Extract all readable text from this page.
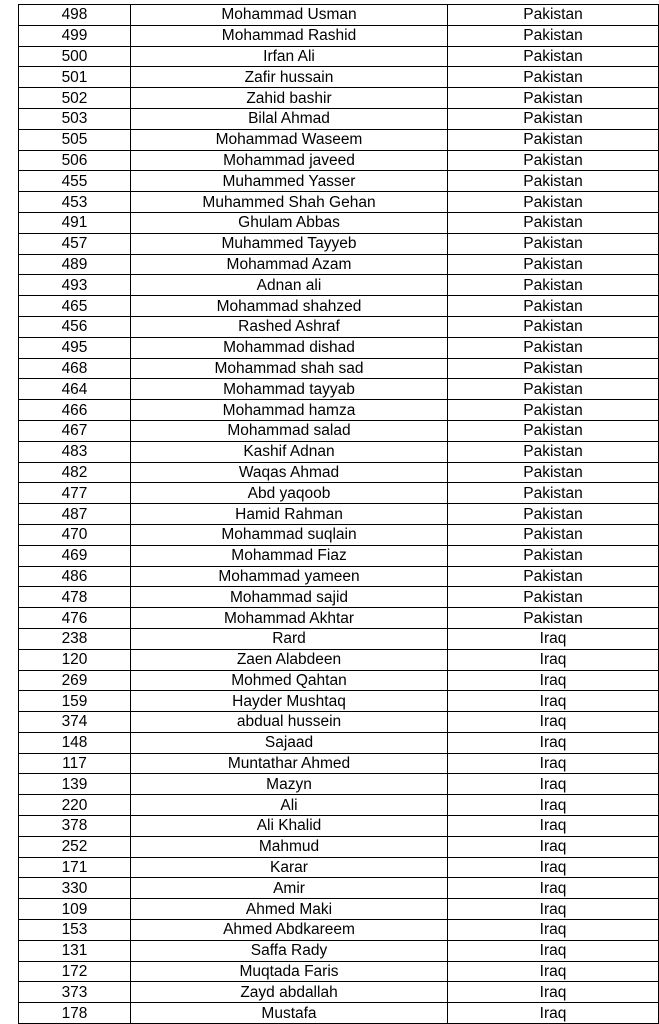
498	Mohammad Usman	Pakistan
499	Mohammad Rashid	Pakistan
500	Irfan Ali	Pakistan
501	Zafir hussain	Pakistan
502	Zahid bashir	Pakistan
503	Bilal Ahmad	Pakistan
505	Mohammad Waseem	Pakistan
506	Mohammad javeed	Pakistan
455	Muhammed Yasser	Pakistan
453	Muhammed Shah Gehan	Pakistan
491	Ghulam Abbas	Pakistan
457	Muhammed Tayyeb	Pakistan
489	Mohammad Azam	Pakistan
493	Adnan ali	Pakistan
465	Mohammad shahzed	Pakistan
456	Rashed Ashraf	Pakistan
495	Mohammad dishad	Pakistan
468	Mohammad shah sad	Pakistan
464	Mohammad tayyab	Pakistan
466	Mohammad hamza	Pakistan
467	Mohammad salad	Pakistan
483	Kashif Adnan	Pakistan
482	Waqas Ahmad	Pakistan
477	Abd yaqoob	Pakistan
487	Hamid Rahman	Pakistan
470	Mohammad suqlain	Pakistan
469	Mohammad Fiaz	Pakistan
486	Mohammad yameen	Pakistan
478	Mohammad sajid	Pakistan
476	Mohammad Akhtar	Pakistan
238	Rard	Iraq
120	Zaen Alabdeen	Iraq
269	Mohmed Qahtan	Iraq
159	Hayder Mushtaq	Iraq
374	abdual hussein	Iraq
148	Sajaad	Iraq
117	Muntathar Ahmed	Iraq
139	Mazyn	Iraq
220	Ali	Iraq
378	Ali Khalid	Iraq
252	Mahmud	Iraq
171	Karar	Iraq
330	Amir	Iraq
109	Ahmed Maki	Iraq
153	Ahmed Abdkareem	Iraq
131	Saffa Rady	Iraq
172	Muqtada Faris	Iraq
373	Zayd abdallah	Iraq
178	Mustafa	Iraq
